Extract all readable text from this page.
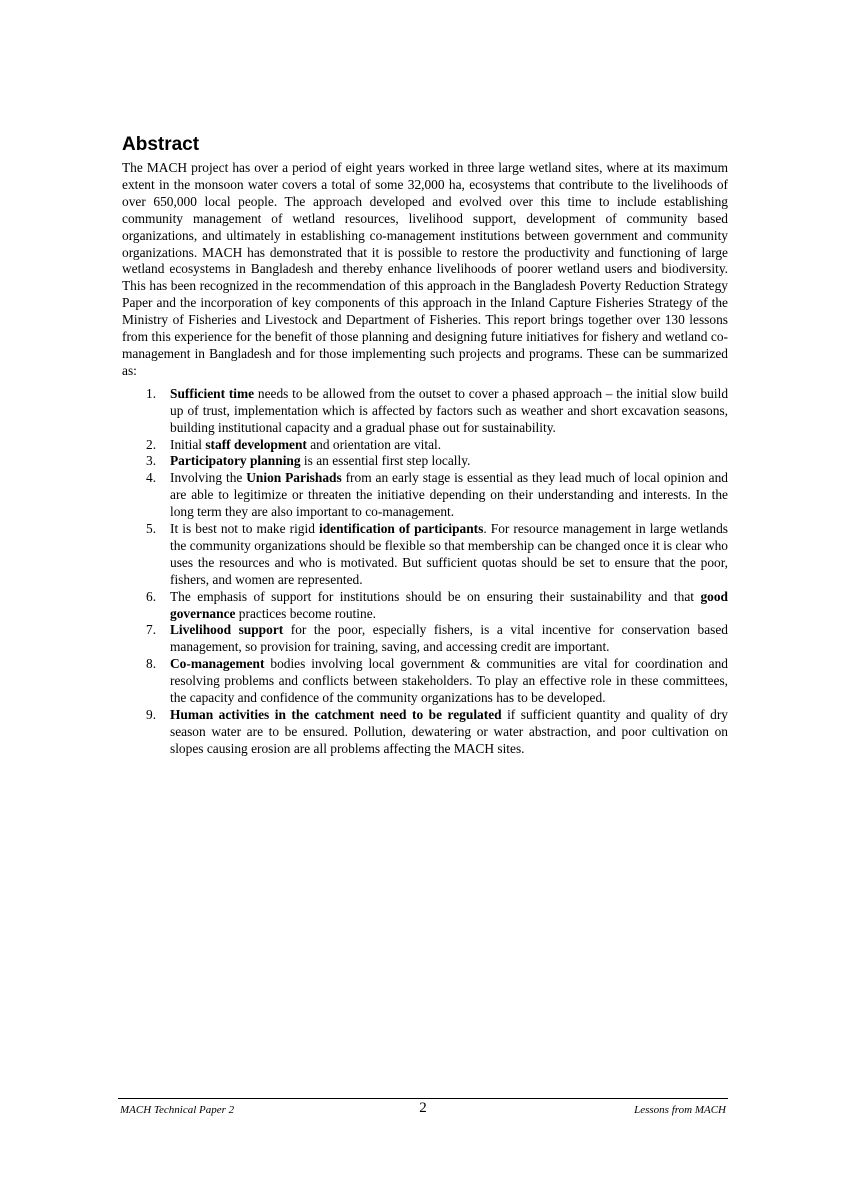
Abstract

The MACH project has over a period of eight years worked in three large wetland sites, where at its maximum extent in the monsoon water covers a total of some 32,000 ha, ecosystems that contribute to the livelihoods of over 650,000 local people. The approach developed and evolved over this time to include establishing community management of wetland resources, livelihood support, development of community based organizations, and ultimately in establishing co-management institutions between government and community organizations. MACH has demonstrated that it is possible to restore the productivity and functioning of large wetland ecosystems in Bangladesh and thereby enhance livelihoods of poorer wetland users and biodiversity. This has been recognized in the recommendation of this approach in the Bangladesh Poverty Reduction Strategy Paper and the incorporation of key components of this approach in the Inland Capture Fisheries Strategy of the Ministry of Fisheries and Livestock and Department of Fisheries. This report brings together over 130 lessons from this experience for the benefit of those planning and designing future initiatives for fishery and wetland co-management in Bangladesh and for those implementing such projects and programs. These can be summarized as:

1. Sufficient time needs to be allowed from the outset to cover a phased approach – the initial slow build up of trust, implementation which is affected by factors such as weather and short excavation seasons, building institutional capacity and a gradual phase out for sustainability.
2. Initial staff development and orientation are vital.
3. Participatory planning is an essential first step locally.
4. Involving the Union Parishads from an early stage is essential as they lead much of local opinion and are able to legitimize or threaten the initiative depending on their understanding and interests. In the long term they are also important to co-management.
5. It is best not to make rigid identification of participants. For resource management in large wetlands the community organizations should be flexible so that membership can be changed once it is clear who uses the resources and who is motivated. But sufficient quotas should be set to ensure that the poor, fishers, and women are represented.
6. The emphasis of support for institutions should be on ensuring their sustainability and that good governance practices become routine.
7. Livelihood support for the poor, especially fishers, is a vital incentive for conservation based management, so provision for training, saving, and accessing credit are important.
8. Co-management bodies involving local government & communities are vital for coordination and resolving problems and conflicts between stakeholders. To play an effective role in these committees, the capacity and confidence of the community organizations has to be developed.
9. Human activities in the catchment need to be regulated if sufficient quantity and quality of dry season water are to be ensured. Pollution, dewatering or water abstraction, and poor cultivation on slopes causing erosion are all problems affecting the MACH sites.
MACH Technical Paper 2	2	Lessons from MACH
